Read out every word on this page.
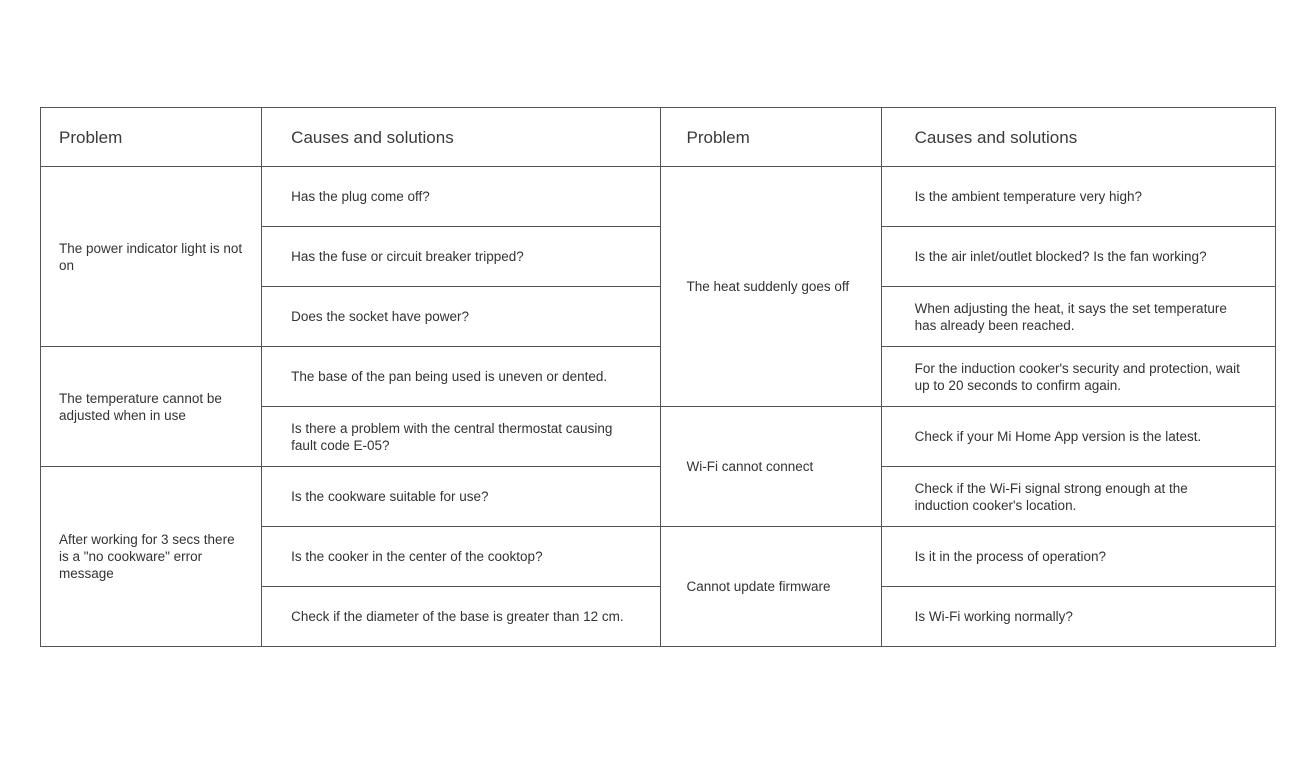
Problem	Causes and solutions	Problem	Causes and solutions
The power indicator light is not on	Has the plug come off?	The heat suddenly goes off	Is the ambient temperature very high?
	Has the fuse or circuit breaker tripped?		Is the air inlet/outlet blocked? Is the fan working?
	Does the socket have power?		When adjusting the heat, it says the set temperature has already been reached.
The temperature cannot be adjusted when in use	The base of the pan being used is uneven or dented.		For the induction cooker's security and protection, wait up to 20 seconds to confirm again.
	Is there a problem with the central thermostat causing fault code E-05?	Wi-Fi cannot connect	Check if your Mi Home App version is the latest.
After working for 3 secs there is a "no cookware" error message	Is the cookware suitable for use?		Check if the Wi-Fi signal strong enough at the induction cooker's location.
	Is the cooker in the center of the cooktop?	Cannot update firmware	Is it in the process of operation?
	Check if the diameter of the base is greater than 12 cm.		Is Wi-Fi working normally?
